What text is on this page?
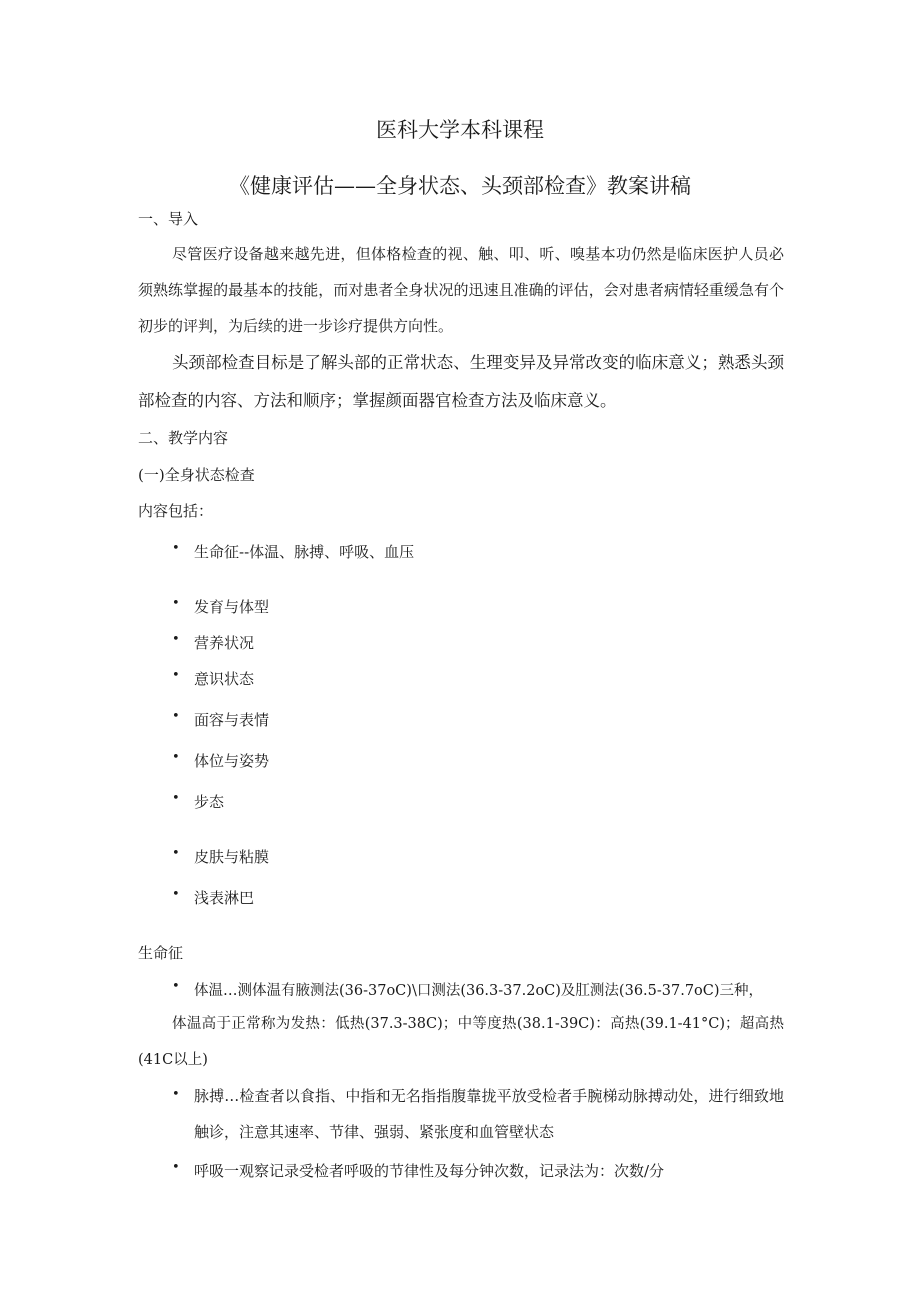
医科大学本科课程
《健康评估——全身状态、头颈部检查》教案讲稿
一、导入
尽管医疗设备越来越先进，但体格检查的视、触、叩、听、嗅基本功仍然是临床医护人员必须熟练掌握的最基本的技能，而对患者全身状况的迅速且准确的评估，会对患者病情轻重缓急有个初步的评判，为后续的进一步诊疗提供方向性。
头颈部检查目标是了解头部的正常状态、生理变异及异常改变的临床意义；熟悉头颈部检查的内容、方法和顺序；掌握颜面器官检查方法及临床意义。
二、教学内容
(一)全身状态检查
内容包括：
• 生命征--体温、脉搏、呼吸、血压
• 发育与体型
• 营养状况
• 意识状态
• 面容与表情
• 体位与姿势
• 步态
• 皮肤与粘膜
• 浅表淋巴
生命征
• 体温…测体温有腋测法(36-37oC)\口测法(36.3-37.2oC)及肛测法(36.5-37.7oC)三种，
体温高于正常称为发热：低热(37.3-38C)；中等度热(38.1-39C)：高热(39.1-41°C)；超高热(41C以上)
• 脉搏…检查者以食指、中指和无名指指腹靠拢平放受检者手腕梯动脉搏动处，进行细致地触诊，注意其速率、节律、强弱、紧张度和血管壁状态
• 呼吸一观察记录受检者呼吸的节律性及每分钟次数，记录法为：次数/分
